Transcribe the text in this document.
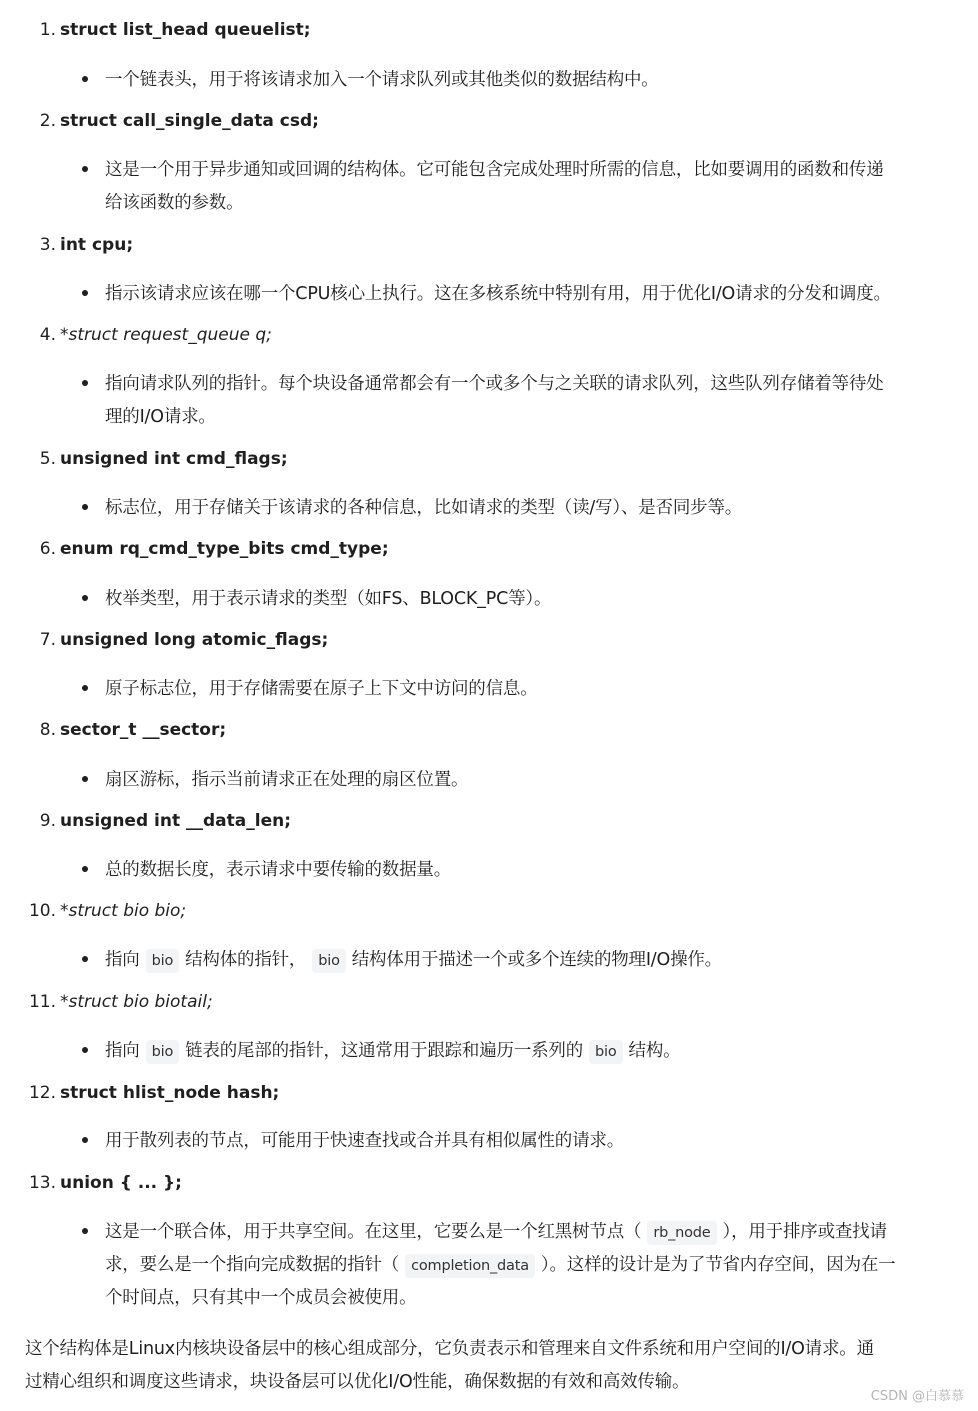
1. struct list_head queuelist;
一个链表头，用于将该请求加入一个请求队列或其他类似的数据结构中。
2. struct call_single_data csd;
这是一个用于异步通知或回调的结构体。它可能包含完成处理时所需的信息，比如要调用的函数和传递
给该函数的参数。
3. int cpu;
指示该请求应该在哪一个CPU核心上执行。这在多核系统中特别有用，用于优化I/O请求的分发和调度。
4. *struct request_queue q;
指向请求队列的指针。每个块设备通常都会有一个或多个与之关联的请求队列，这些队列存储着等待处
理的I/O请求。
5. unsigned int cmd_flags;
标志位，用于存储关于该请求的各种信息，比如请求的类型（读/写）、是否同步等。
6. enum rq_cmd_type_bits cmd_type;
枚举类型，用于表示请求的类型（如FS、BLOCK_PC等）。
7. unsigned long atomic_flags;
原子标志位，用于存储需要在原子上下文中访问的信息。
8. sector_t __sector;
扇区游标，指示当前请求正在处理的扇区位置。
9. unsigned int __data_len;
总的数据长度，表示请求中要传输的数据量。
10. *struct bio bio;
指向 bio 结构体的指针， bio 结构体用于描述一个或多个连续的物理I/O操作。
11. *struct bio biotail;
指向 bio 链表的尾部的指针，这通常用于跟踪和遍历一系列的 bio 结构。
12. struct hlist_node hash;
用于散列表的节点，可能用于快速查找或合并具有相似属性的请求。
13. union { ... };
这是一个联合体，用于共享空间。在这里，它要么是一个红黑树节点（ rb_node ），用于排序或查找请
求，要么是一个指向完成数据的指针（ completion_data ）。这样的设计是为了节省内存空间，因为在一
个时间点，只有其中一个成员会被使用。
这个结构体是Linux内核块设备层中的核心组成部分，它负责表示和管理来自文件系统和用户空间的I/O请求。通
过精心组织和调度这些请求，块设备层可以优化I/O性能，确保数据的有效和高效传输。
CSDN @白慕慕
